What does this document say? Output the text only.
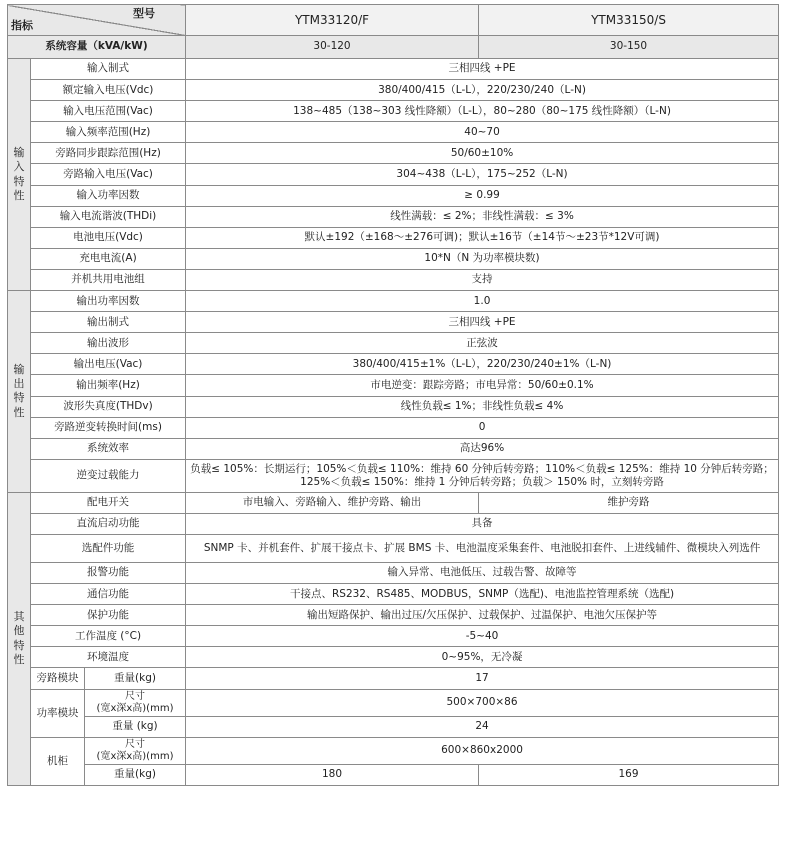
型号
指标			YTM33120/F	YTM33150/S
系统容量（kVA/kW)			30-120	30-150

输
入
特
性	输入制式		三相四线 +PE	
	额定输入电压(Vdc)		380/400/415（L-L），220/230/240（L-N)	
	输入电压范围(Vac)		138~485（138~303 线性降额）（L-L），80~280（80~175 线性降额）（L-N)	
	输入频率范围(Hz)		40~70	
	旁路同步跟踪范围(Hz)		50/60±10%	
	旁路输入电压(Vac)		304~438（L-L），175~252（L-N)	
	输入功率因数		≥ 0.99	
	输入电流谐波(THDi)		线性满载：≤ 2%；非线性满载：≤ 3%	
	电池电压(Vdc)		默认±192（±168～±276可调)；默认±16节（±14节～±23节*12V可调)	
	充电电流(A)		10*N（N 为功率模块数)	
	并机共用电池组		支持	

输
出
特
性	输出功率因数		1.0	
	输出制式		三相四线 +PE	
	输出波形		正弦波	
	输出电压(Vac)		380/400/415±1%（L-L），220/230/240±1%（L-N)	
	输出频率(Hz)		市电逆变：跟踪旁路；市电异常：50/60±0.1%	
	波形失真度(THDv)		线性负载≤ 1%；非线性负载≤ 4%	
	旁路逆变转换时间(ms)		0	
	系统效率		高达96%	
	逆变过载能力		负载≤ 105%：长期运行；105%＜负载≤ 110%：维持 60 分钟后转旁路；110%＜负载≤ 125%：维持 10 分钟后转旁路；125%＜负载≤ 150%：维持 1 分钟后转旁路；负载＞ 150% 时，立刻转旁路	

其
他
特
性	配电开关		市电输入、旁路输入、维护旁路、输出	维护旁路
	直流启动功能		具备	
	选配件功能		SNMP 卡、并机套件、扩展干接点卡、扩展 BMS 卡、电池温度采集套件、电池脱扣套件、上进线辅件、微模块入列选件	
	报警功能		输入异常、电池低压、过载告警、故障等	
	通信功能		干接点、RS232、RS485、MODBUS，SNMP（选配)、电池监控管理系统（选配)	
	保护功能		输出短路保护、输出过压/欠压保护、过载保护、过温保护、电池欠压保护等	
	工作温度 (°C)		-5~40	
	环境温度		0~95%，无冷凝	
	旁路模块	重量(kg)	17	
	功率模块	尺寸
(宽x深x高)(mm)	500×700×86	
		重量 (kg)	24	
	机柜	尺寸
(宽x深x高)(mm)	600×860x2000	
		重量(kg)	180	169
